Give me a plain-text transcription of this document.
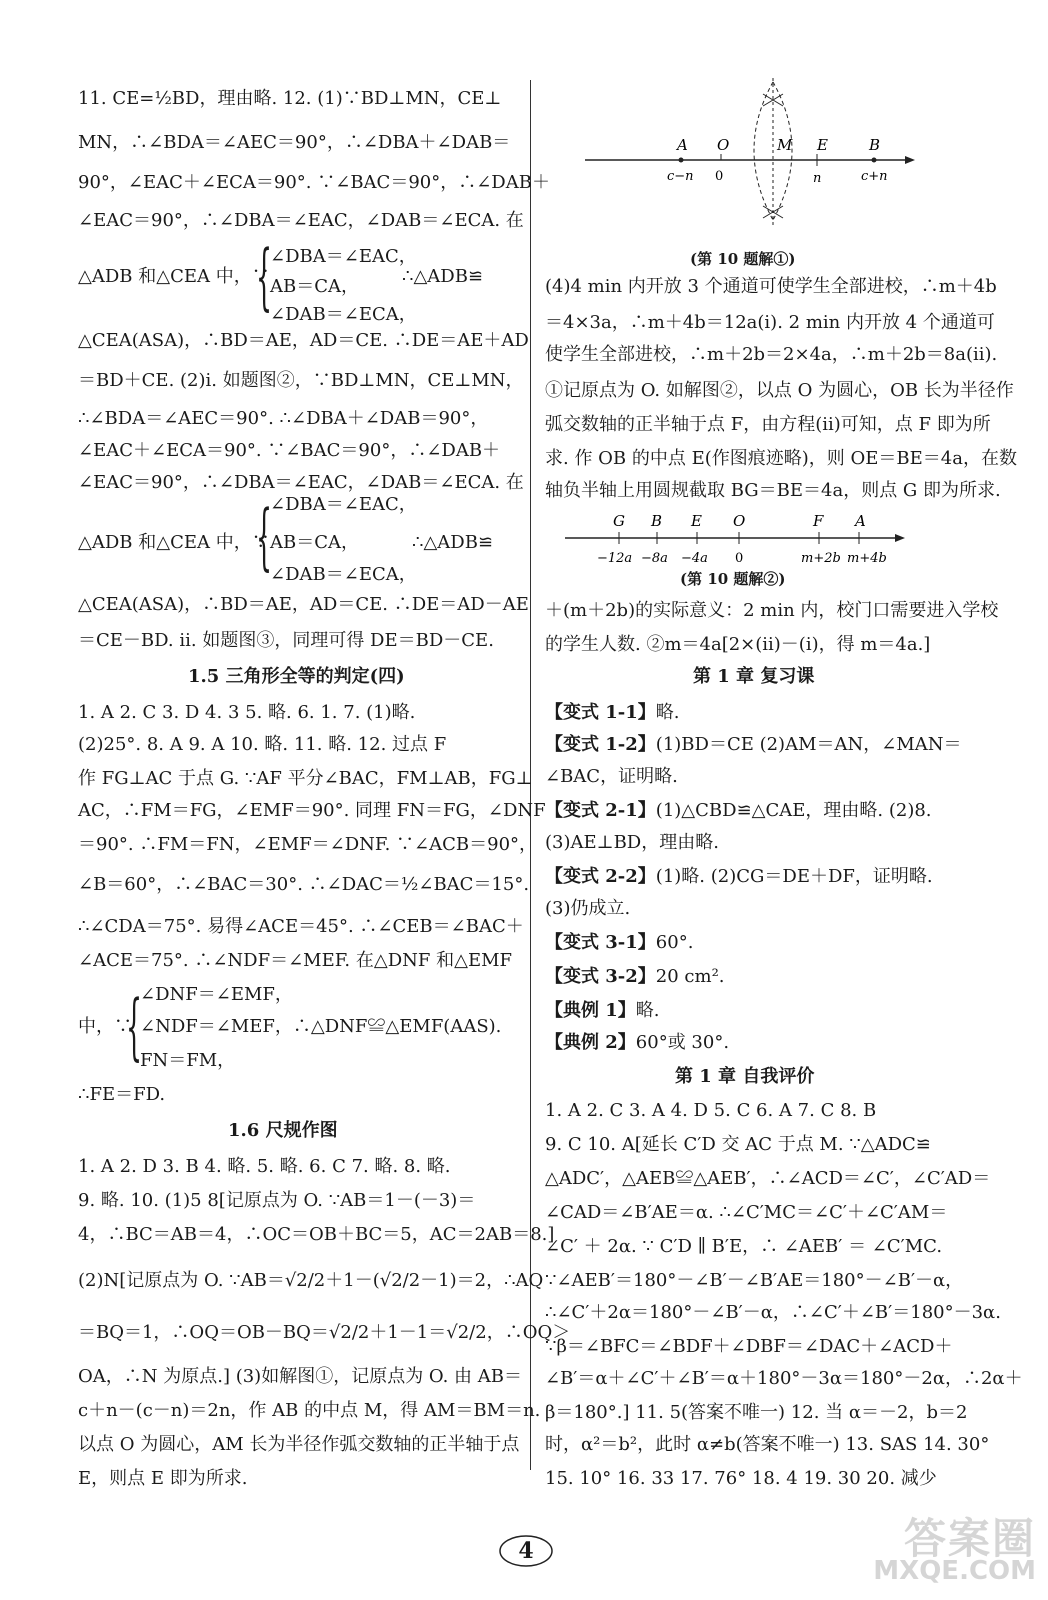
11. CE=½BD，理由略. 12. (1)∵BD⊥MN，CE⊥
MN，∴∠BDA＝∠AEC＝90°，∴∠DBA＋∠DAB＝
90°，∠EAC＋∠ECA＝90°. ∵∠BAC＝90°，∴∠DAB＋
∠EAC＝90°，∴∠DBA＝∠EAC，∠DAB＝∠ECA. 在
∠DBA＝∠EAC，
{
△ADB 和△CEA 中，∵ AB＝CA， ∴△ADB≌
∠DAB＝∠ECA，
△CEA(ASA)，∴BD＝AE，AD＝CE. ∴DE＝AE＋AD
＝BD＋CE. (2)i. 如题图②，∵BD⊥MN，CE⊥MN，
∴∠BDA＝∠AEC＝90°. ∴∠DBA＋∠DAB＝90°，
∠EAC＋∠ECA＝90°. ∵∠BAC＝90°，∴∠DAB＋
∠EAC＝90°，∴∠DBA＝∠EAC，∠DAB＝∠ECA. 在
∠DBA＝∠EAC，
{
△ADB 和△CEA 中，∵ AB＝CA，	∴△ADB≌
∠DAB＝∠ECA，
△CEA(ASA)，∴BD＝AE，AD＝CE. ∴DE＝AD－AE
＝CE－BD. ii. 如题图③，同理可得 DE＝BD－CE.
1.5 三角形全等的判定(四)
1. A 2. C 3. D 4. 3 5. 略. 6. 1. 7. (1)略.
(2)25°. 8. A 9. A 10. 略. 11. 略. 12. 过点 F
作 FG⊥AC 于点 G. ∵AF 平分∠BAC，FM⊥AB，FG⊥
AC，∴FM＝FG，∠EMF＝90°. 同理 FN＝FG，∠DNF
＝90°. ∴FM＝FN，∠EMF＝∠DNF. ∵∠ACB＝90°，
∠B＝60°，∴∠BAC＝30°. ∴∠DAC＝½∠BAC＝15°.
∴∠CDA＝75°. 易得∠ACE＝45°. ∴∠CEB＝∠BAC＋
∠ACE＝75°. ∴∠NDF＝∠MEF. 在△DNF 和△EMF
∠DNF＝∠EMF，
{
中，∵ ∠NDF＝∠MEF，∴△DNF≌△EMF(AAS).
FN＝FM，
∴FE＝FD.
1.6 尺规作图
1. A 2. D 3. B 4. 略. 5. 略. 6. C 7. 略. 8. 略.
9. 略. 10. (1)5 8[记原点为 O. ∵AB＝1－(－3)＝
4，∴BC＝AB＝4，∴OC＝OB＋BC＝5，AC＝2AB＝8.]
(2)N[记原点为 O. ∵AB＝√2/2＋1－(√2/2－1)＝2，∴AQ
＝BQ＝1，∴OQ＝OB－BQ＝√2/2＋1－1＝√2/2，∴OQ＞
OA，∴N 为原点.] (3)如解图①，记原点为 O. 由 AB＝
c＋n－(c－n)＝2n，作 AB 的中点 M，得 AM＝BM＝n.
以点 O 为圆心，AM 长为半径作弧交数轴的正半轴于点
E，则点 E 即为所求.
A O	M E	B
c−n 0	n	c+n
(第 10 题解①)
(4)4 min 内开放 3 个通道可使学生全部进校，∴m＋4b
＝4×3a，∴m＋4b＝12a(ⅰ). 2 min 内开放 4 个通道可
使学生全部进校，∴m＋2b＝2×4a，∴m＋2b＝8a(ⅱ).
①记原点为 O. 如解图②，以点 O 为圆心，OB 长为半径作
弧交数轴的正半轴于点 F，由方程(ⅱ)可知，点 F 即为所
求. 作 OB 的中点 E(作图痕迹略)，则 OE＝BE＝4a，在数
轴负半轴上用圆规截取 BG＝BE＝4a，则点 G 即为所求.
G B E O	F A
−12a −8a −4a 0	m+2b m+4b
(第 10 题解②)
＋(m＋2b)的实际意义：2 min 内，校门口需要进入学校
的学生人数. ②m＝4a[2×(ⅱ)－(ⅰ)，得 m＝4a.]
第 1 章 复习课
【变式 1-1】略.
【变式 1-2】(1)BD＝CE (2)AM＝AN，∠MAN＝
∠BAC，证明略.
【变式 2-1】(1)△CBD≌△CAE，理由略. (2)8.
(3)AE⊥BD，理由略.
【变式 2-2】(1)略. (2)CG＝DE＋DF，证明略.
(3)仍成立.
【变式 3-1】60°.
【变式 3-2】20 cm².
【典例 1】略.
【典例 2】60°或 30°.
第 1 章 自我评价
1. A 2. C 3. A 4. D 5. C 6. A 7. C 8. B
9. C 10. A[延长 C′D 交 AC 于点 M. ∵△ADC≌
△ADC′，△AEB≌△AEB′，∴∠ACD＝∠C′，∠C′AD＝
∠CAD＝∠B′AE＝α. ∴∠C′MC＝∠C′＋∠C′AM＝
∠C′ ＋ 2α. ∵ C′D ∥ B′E，∴ ∠AEB′ ＝ ∠C′MC.
∵∠AEB′＝180°－∠B′－∠B′AE＝180°－∠B′－α，
∴∠C′＋2α＝180°－∠B′－α，∴∠C′＋∠B′＝180°－3α.
∵β＝∠BFC＝∠BDF＋∠DBF＝∠DAC＋∠ACD＋
∠B′＝α＋∠C′＋∠B′＝α＋180°－3α＝180°－2α，∴2α＋
β＝180°.] 11. 5(答案不唯一) 12. 当 α＝－2，b＝2
时，α²＝b²，此时 α≠b(答案不唯一) 13. SAS 14. 30°
15. 10° 16. 33 17. 76° 18. 4 19. 30 20. 减少
4	答案圈
MXQE.COM
